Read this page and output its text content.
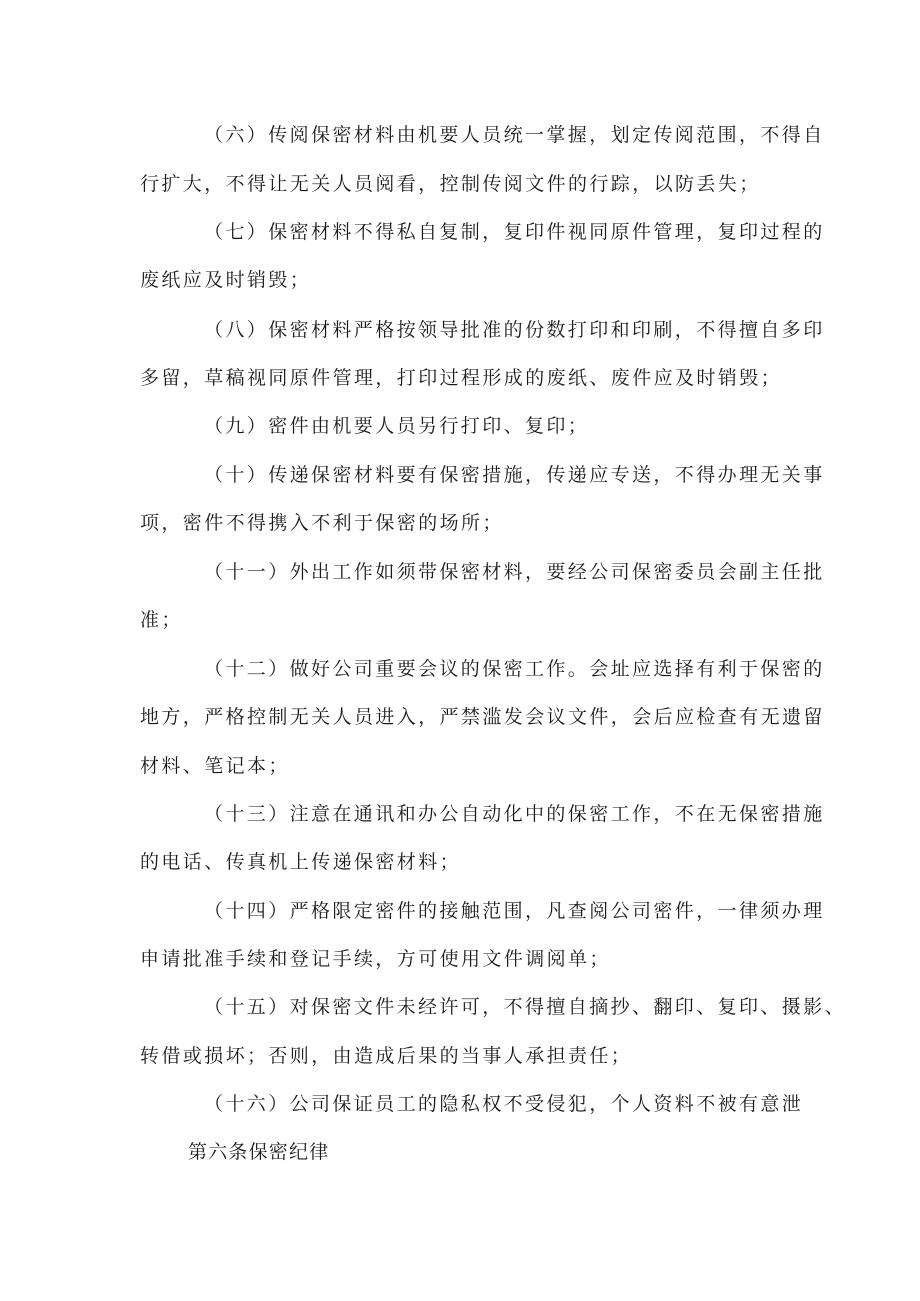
（六）传阅保密材料由机要人员统一掌握，划定传阅范围，不得自
行扩大，不得让无关人员阅看，控制传阅文件的行踪，以防丢失；
（七）保密材料不得私自复制，复印件视同原件管理，复印过程的
废纸应及时销毁；
（八）保密材料严格按领导批准的份数打印和印刷，不得擅自多印
多留，草稿视同原件管理，打印过程形成的废纸、废件应及时销毁；
（九）密件由机要人员另行打印、复印；
（十）传递保密材料要有保密措施，传递应专送，不得办理无关事
项，密件不得携入不利于保密的场所；
（十一）外出工作如须带保密材料，要经公司保密委员会副主任批
准；
（十二）做好公司重要会议的保密工作。会址应选择有利于保密的
地方，严格控制无关人员进入，严禁滥发会议文件，会后应检查有无遗留
材料、笔记本；
（十三）注意在通讯和办公自动化中的保密工作，不在无保密措施
的电话、传真机上传递保密材料；
（十四）严格限定密件的接触范围，凡查阅公司密件，一律须办理
申请批准手续和登记手续，方可使用文件调阅单；
（十五）对保密文件未经许可，不得擅自摘抄、翻印、复印、摄影、
转借或损坏；否则，由造成后果的当事人承担责任；
（十六）公司保证员工的隐私权不受侵犯，个人资料不被有意泄
第六条保密纪律
